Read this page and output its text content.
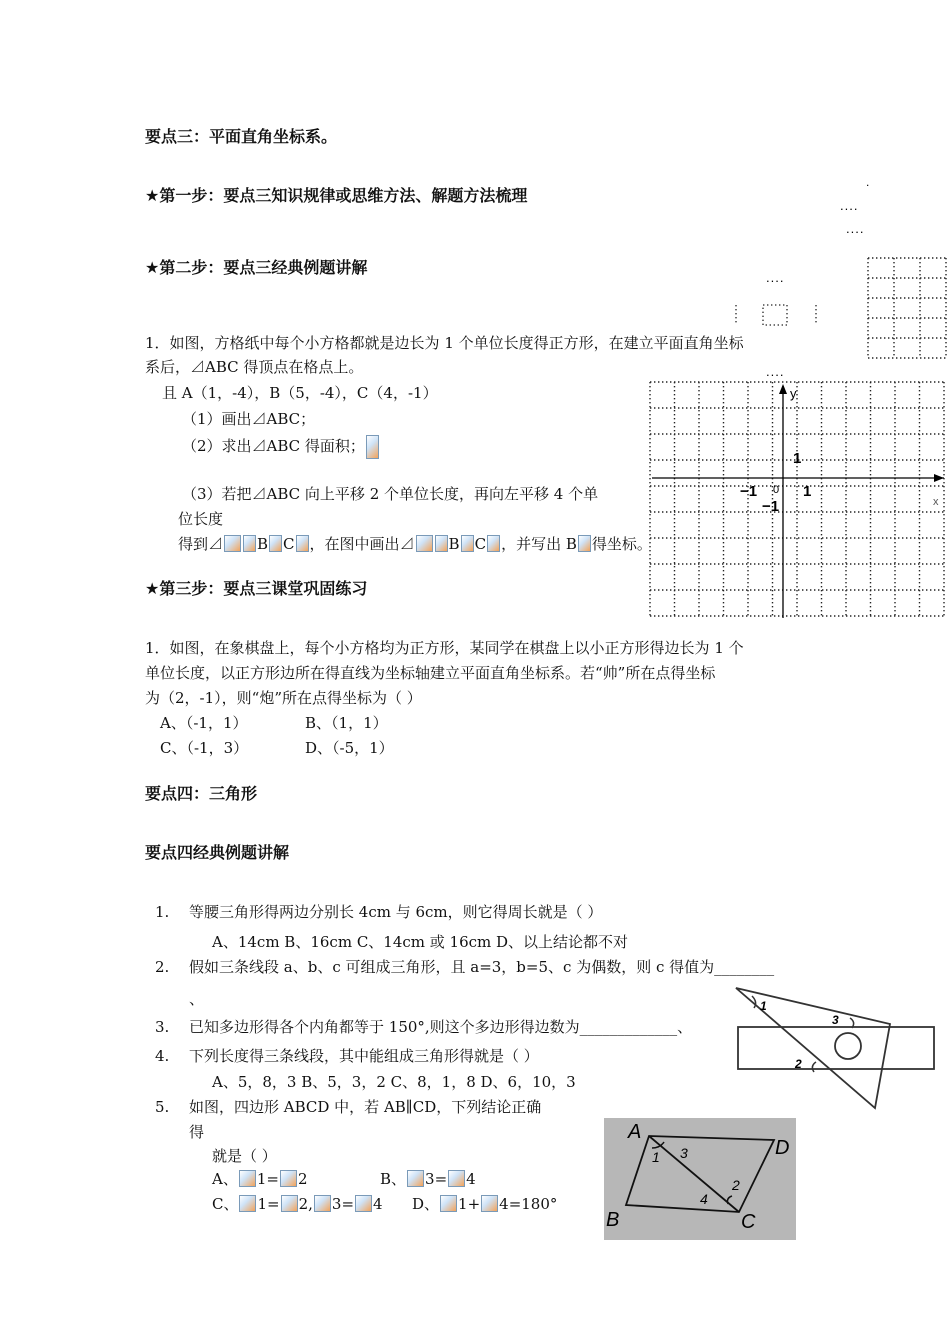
要点三：平面直角坐标系。
★第一步：要点三知识规律或思维方法、解题方法梳理
★第二步：要点三经典例题讲解
1．如图，方格纸中每个小方格都就是边长为 1 个单位长度得正方形，在建立平面直角坐标
系后，⊿ABC 得顶点在格点上。
且 A（1，-4），B（5，-4），C（4，-1）
（1）画出⊿ABC；
（2）求出⊿ABC 得面积；
（3）若把⊿ABC 向上平移 2 个单位长度，再向左平移 4 个单
位长度
得到⊿ B C ，在图中画出⊿ B C ，并写出 B 得坐标。
★第三步：要点三课堂巩固练习
1．如图，在象棋盘上，每个小方格均为正方形，某同学在棋盘上以小正方形得边长为 1 个
单位长度，以正方形边所在得直线为坐标轴建立平面直角坐标系。若“帅”所在点得坐标
为（2，-1），则“炮”所在点得坐标为（ ）
A、（-1，1）	B、（1，1）
C、（-1，3）	D、（-5，1）
要点四：三角形
要点四经典例题讲解
1. 等腰三角形得两边分别长 4cm 与 6cm，则它得周长就是（ ）
A、14cm B、16cm C、14cm 或 16cm D、以上结论都不对
2. 假如三条线段 a、b、c 可组成三角形，且 a=3，b=5、c 为偶数，则 c 得值为________
、
3. 已知多边形得各个内角都等于 150°,则这个多边形得边数为_____________、
4. 下列长度得三条线段，其中能组成三角形得就是（ ）
A、5，8，3 B、5，3，2 C、8，1，8 D、6，10，3
5. 如图，四边形 ABCD 中，若 AB∥CD，下列结论正确
得
就是（ ）
A、 1= 2	B、 3= 4
C、 1= 2, 3= 4 D、 1+ 4=180°
.
....
....
....
....
y
x
1
0
−1	1
−1
1
3
2
A
D
B	C
1 3
4
2
